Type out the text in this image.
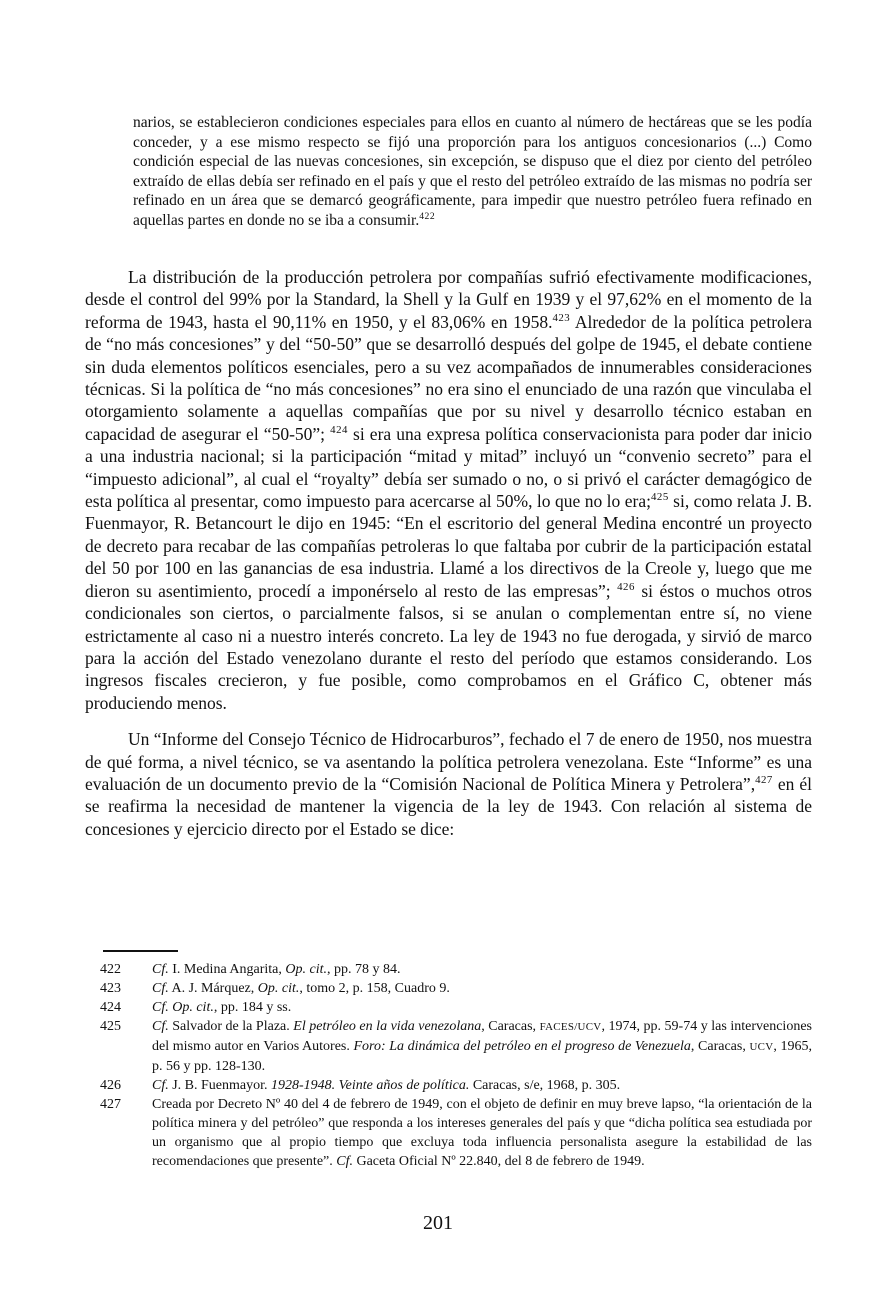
narios, se establecieron condiciones especiales para ellos en cuanto al número de hectáreas que se les podía conceder, y a ese mismo respecto se fijó una proporción para los antiguos concesionarios (...) Como condición especial de las nuevas concesiones, sin excepción, se dispuso que el diez por ciento del petróleo extraído de ellas debía ser refinado en el país y que el resto del petróleo extraído de las mismas no podría ser refinado en un área que se demarcó geográficamente, para impedir que nuestro petróleo fuera refinado en aquellas partes en donde no se iba a consumir.$^{422}$

La distribución de la producción petrolera por compañías sufrió efectivamente modificaciones, desde el control del 99% por la Standard, la Shell y la Gulf en 1939 y el 97,62% en el momento de la reforma de 1943, hasta el 90,11% en 1950, y el 83,06% en 1958.$^{423}$ Alrededor de la política petrolera de “no más concesiones” y del “50-50” que se desarrolló después del golpe de 1945, el debate contiene sin duda elementos políticos esenciales, pero a su vez acompañados de innumerables consideraciones técnicas. Si la política de “no más concesiones” no era sino el enunciado de una razón que vinculaba el otorgamiento solamente a aquellas compañías que por su nivel y desarrollo técnico estaban en capacidad de asegurar el “50-50”; $^{424}$ si era una expresa política conservacionista para poder dar inicio a una industria nacional; si la participación “mitad y mitad” incluyó un “convenio secreto” para el “impuesto adicional”, al cual el “royalty” debía ser sumado o no, o si privó el carácter demagógico de esta política al presentar, como impuesto para acercarse al 50%, lo que no lo era;$^{425}$ si, como relata J. B. Fuenmayor, R. Betancourt le dijo en 1945: “En el escritorio del general Medina encontré un proyecto de decreto para recabar de las compañías petroleras lo que faltaba por cubrir de la participación estatal del 50 por 100 en las ganancias de esa industria. Llamé a los directivos de la Creole y, luego que me dieron su asentimiento, procedí a imponérselo al resto de las empresas”; $^{426}$ si éstos o muchos otros condicionales son ciertos, o parcialmente falsos, si se anulan o complementan entre sí, no viene estrictamente al caso ni a nuestro interés concreto. La ley de 1943 no fue derogada, y sirvió de marco para la acción del Estado venezolano durante el resto del período que estamos considerando. Los ingresos fiscales crecieron, y fue posible, como comprobamos en el Gráfico C, obtener más produciendo menos.

Un “Informe del Consejo Técnico de Hidrocarburos”, fechado el 7 de enero de 1950, nos muestra de qué forma, a nivel técnico, se va asentando la política petrolera venezolana. Este “Informe” es una evaluación de un documento previo de la “Comisión Nacional de Política Minera y Petrolera”,$^{427}$ en él se reafirma la necesidad de mantener la vigencia de la ley de 1943. Con relación al sistema de concesiones y ejercicio directo por el Estado se dice:

422	Cf. I. Medina Angarita, Op. cit., pp. 78 y 84.
423	Cf. A. J. Márquez, Op. cit., tomo 2, p. 158, Cuadro 9.
424	Cf. Op. cit., pp. 184 y ss.
425	Cf. Salvador de la Plaza. El petróleo en la vida venezolana, Caracas, FACES/UCV, 1974, pp. 59-74 y las intervenciones del mismo autor en Varios Autores. Foro: La dinámica del petróleo en el progreso de Venezuela, Caracas, UCV, 1965, p. 56 y pp. 128-130.
426	Cf. J. B. Fuenmayor. 1928-1948. Veinte años de política. Caracas, s/e, 1968, p. 305.
427	Creada por Decreto Nº 40 del 4 de febrero de 1949, con el objeto de definir en muy breve lapso, “la orientación de la política minera y del petróleo” que responda a los intereses generales del país y que “dicha política sea estudiada por un organismo que al propio tiempo que excluya toda influencia personalista asegure la estabilidad de las recomendaciones que presente”. Cf. Gaceta Oficial Nº 22.840, del 8 de febrero de 1949.
201
